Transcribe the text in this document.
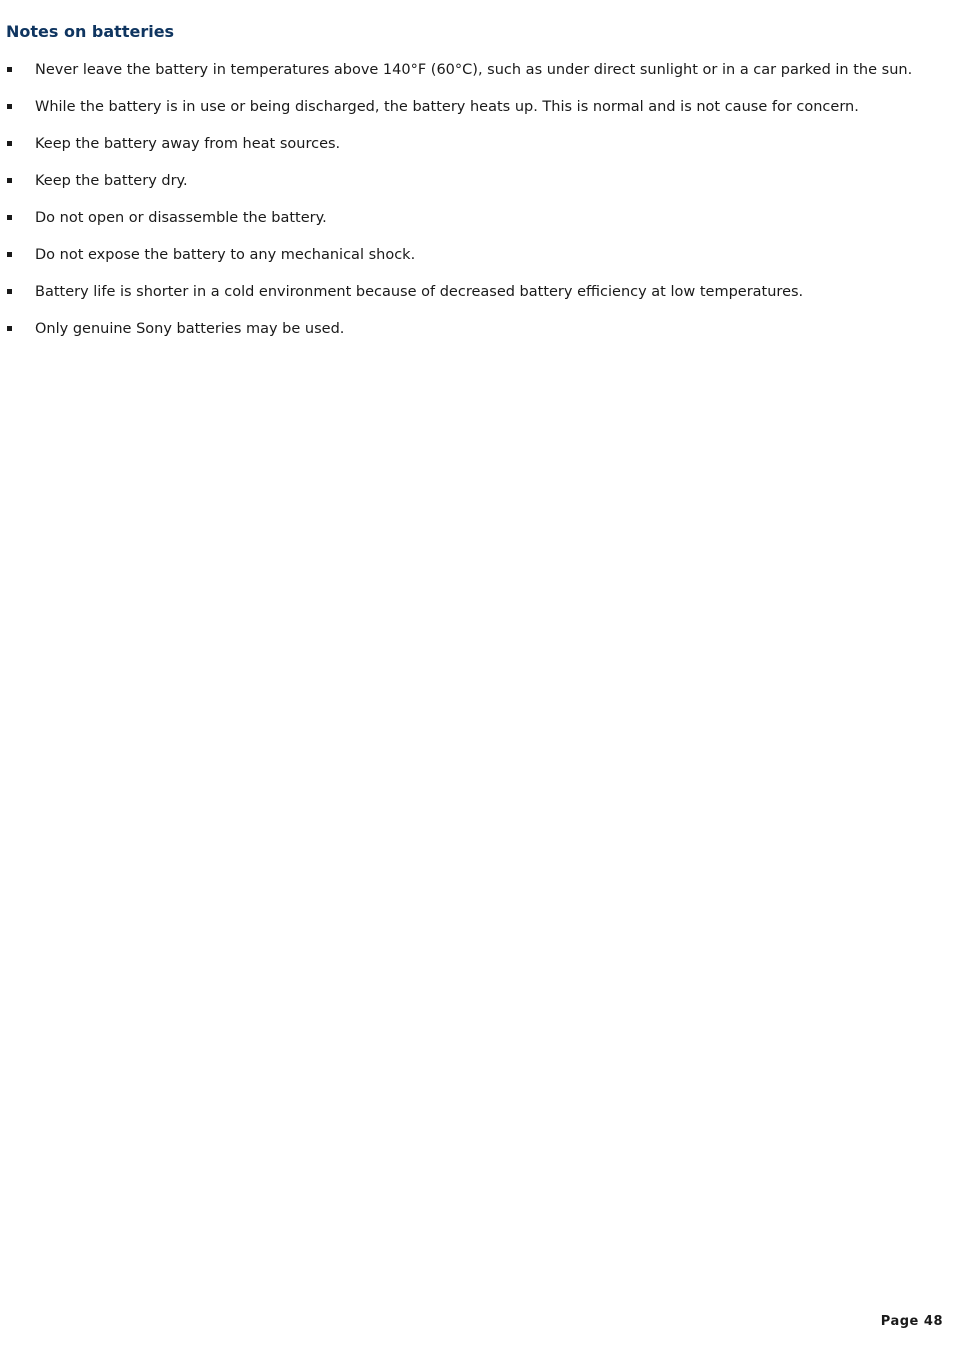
Notes on batteries
Never leave the battery in temperatures above 140°F (60°C), such as under direct sunlight or in a car parked in the sun.
While the battery is in use or being discharged, the battery heats up. This is normal and is not cause for concern.
Keep the battery away from heat sources.
Keep the battery dry.
Do not open or disassemble the battery.
Do not expose the battery to any mechanical shock.
Battery life is shorter in a cold environment because of decreased battery efficiency at low temperatures.
Only genuine Sony batteries may be used.
Page 48
